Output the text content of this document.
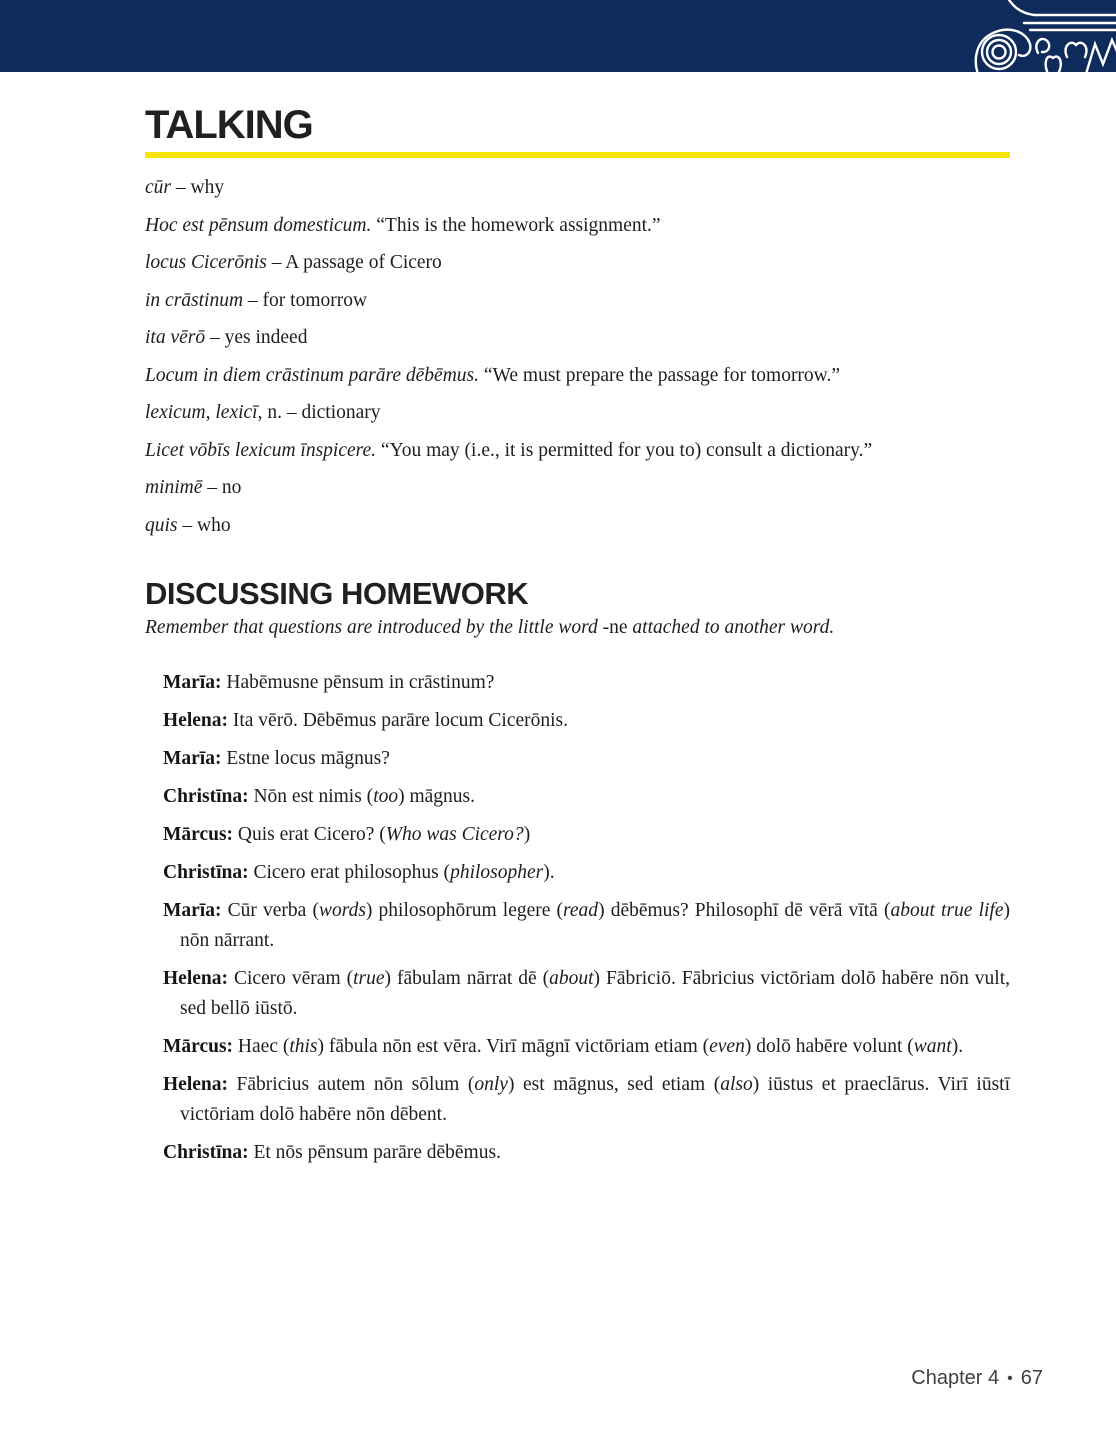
TALKING

cūr – why

Hoc est pēnsum domesticum. “This is the homework assignment.”

locus Cicerōnis – A passage of Cicero

in crāstinum – for tomorrow

ita vērō – yes indeed

Locum in diem crāstinum parāre dēbēmus. “We must prepare the passage for tomorrow.”

lexicum, lexicī, n. – dictionary

Licet vōbīs lexicum īnspicere. “You may (i.e., it is permitted for you to) consult a dictionary.”

minimē – no

quis – who

DISCUSSING HOMEWORK

Remember that questions are introduced by the little word -ne attached to another word.

Marīa: Habēmusne pēnsum in crāstinum?

Helena: Ita vērō. Dēbēmus parāre locum Cicerōnis.

Marīa: Estne locus māgnus?

Christīna: Nōn est nimis (too) māgnus.

Mārcus: Quis erat Cicero? (Who was Cicero?)

Christīna: Cicero erat philosophus (philosopher).

Marīa: Cūr verba (words) philosophōrum legere (read) dēbēmus? Philosophī dē vērā vītā (about true life) nōn nārrant.

Helena: Cicero vēram (true) fābulam nārrat dē (about) Fābriciō. Fābricius victōriam dolō habēre nōn vult, sed bellō iūstō.

Mārcus: Haec (this) fābula nōn est vēra. Virī māgnī victōriam etiam (even) dolō habēre volunt (want).

Helena: Fābricius autem nōn sōlum (only) est māgnus, sed etiam (also) iūstus et praeclārus. Virī iūstī victōriam dolō habēre nōn dēbent.

Christīna: Et nōs pēnsum parāre dēbēmus.

Chapter 4 • 67
